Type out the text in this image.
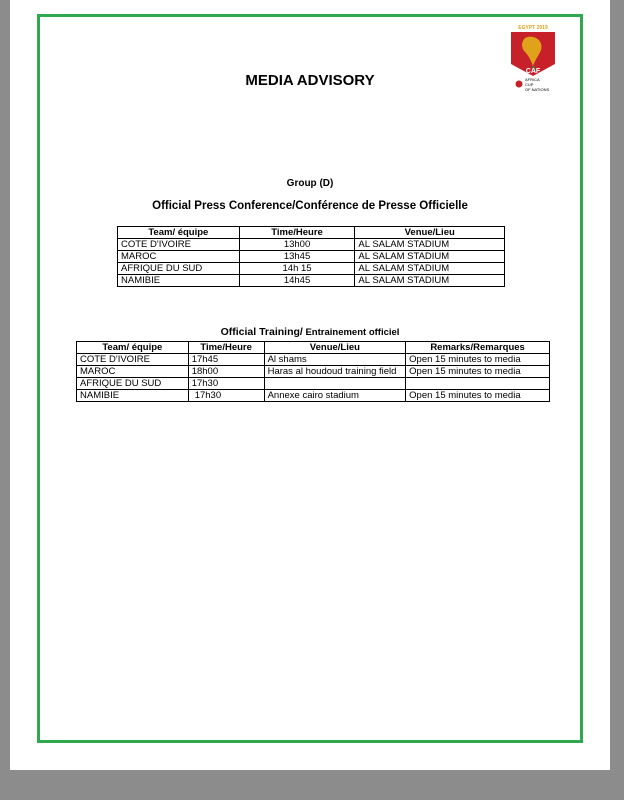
EGYPT 2019
CAF
AFRICA
CUP
OF NATIONS
MEDIA ADVISORY
Group (D)
Official Press Conference/Conférence de Presse Officielle
Team/ équipe	Time/Heure	Venue/Lieu
COTE D'IVOIRE	13h00	AL SALAM STADIUM
MAROC	13h45	AL SALAM STADIUM
AFRIQUE DU SUD	14h 15	AL SALAM STADIUM
NAMIBIE	14h45	AL SALAM STADIUM
Official Training/ Entrainement officiel
Team/ équipe	Time/Heure	Venue/Lieu	Remarks/Remarques
COTE D'IVOIRE	17h45	Al shams	Open 15 minutes to media
MAROC	18h00	Haras al houdoud training field	Open 15 minutes to media
AFRIQUE DU SUD	17h30		
NAMIBIE	17h30	Annexe cairo stadium	Open 15 minutes to media
